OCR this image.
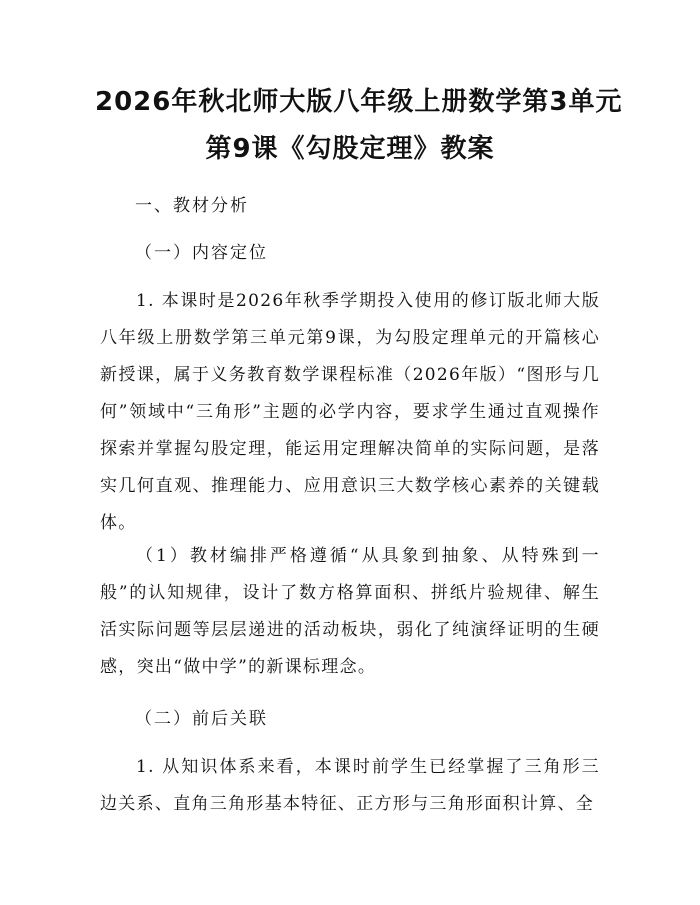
2026年秋北师大版八年级上册数学第3单元
第9课《勾股定理》教案
一、教材分析
（一）内容定位
1. 本课时是2026年秋季学期投入使用的修订版北师大版八年级上册数学第三单元第9课，为勾股定理单元的开篇核心新授课，属于义务教育数学课程标准（2026年版）“图形与几何”领域中“三角形”主题的必学内容，要求学生通过直观操作探索并掌握勾股定理，能运用定理解决简单的实际问题，是落实几何直观、推理能力、应用意识三大数学核心素养的关键载体。
（1）教材编排严格遵循“从具象到抽象、从特殊到一般”的认知规律，设计了数方格算面积、拼纸片验规律、解生活实际问题等层层递进的活动板块，弱化了纯演绎证明的生硬感，突出“做中学”的新课标理念。
（二）前后关联
1. 从知识体系来看，本课时前学生已经掌握了三角形三边关系、直角三角形基本特征、正方形与三角形面积计算、全
